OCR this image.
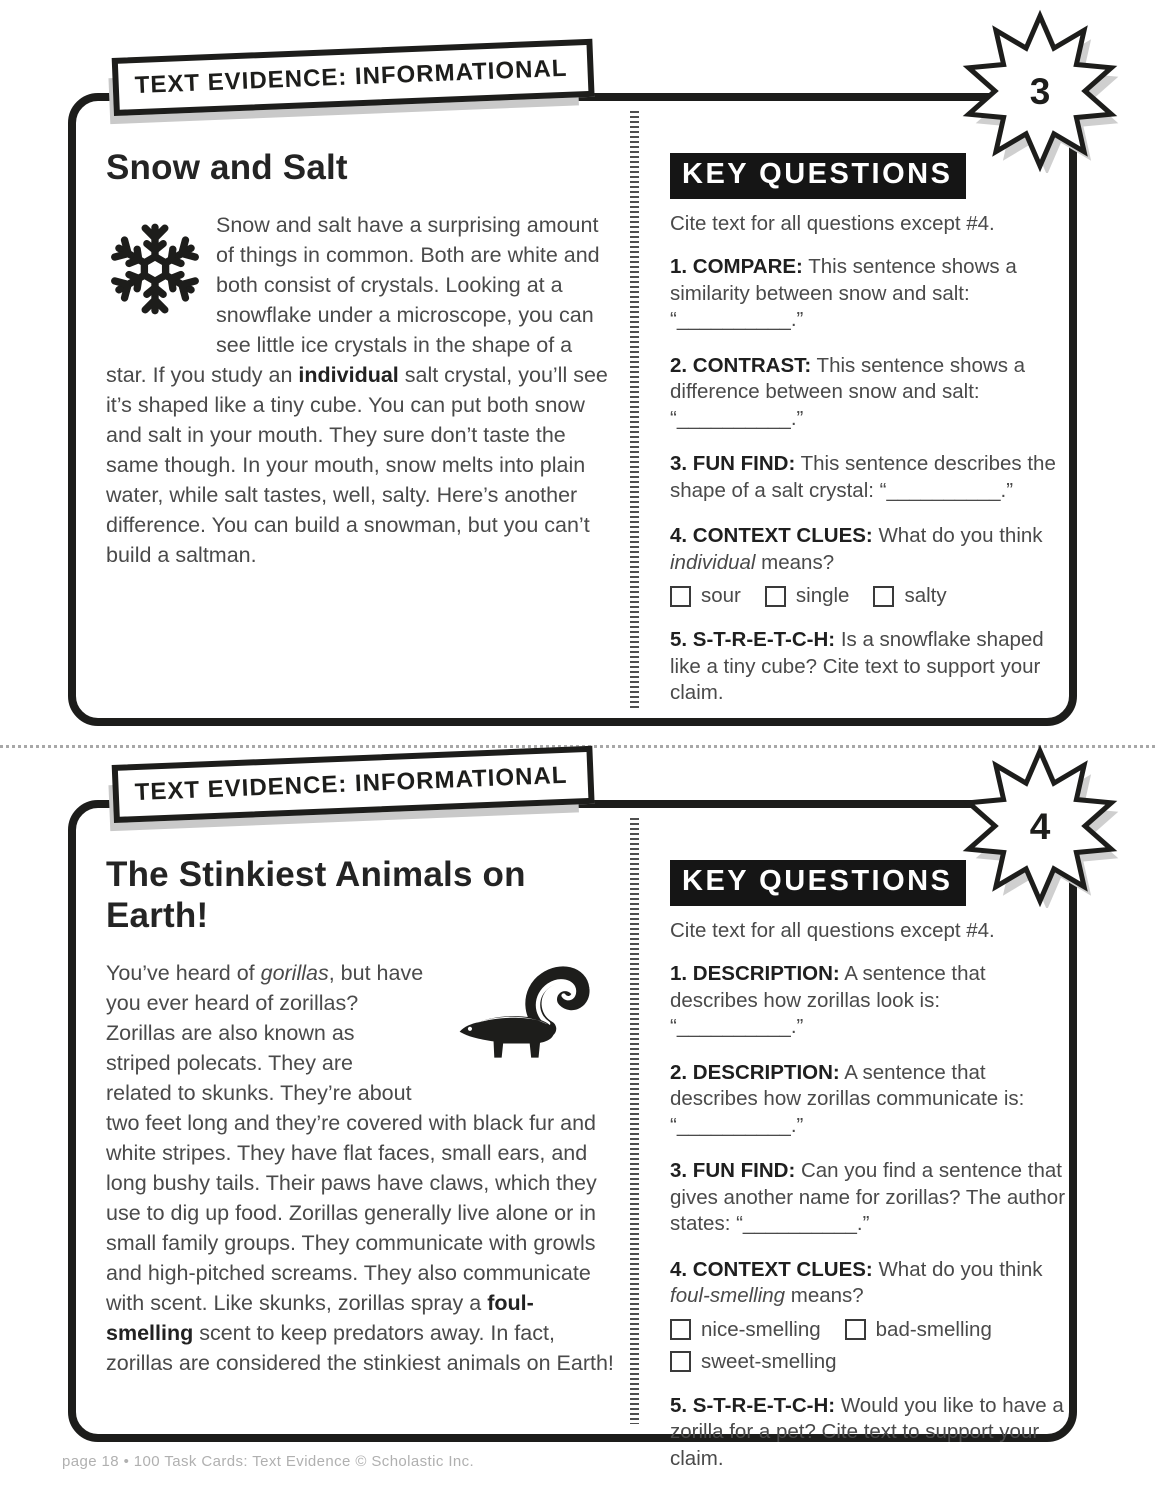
TEXT EVIDENCE: INFORMATIONAL	3
Snow and Salt

Snow and salt have a surprising amount of things in common. Both are white and both consist of crystals. Looking at a snowflake under a microscope, you can see little ice crystals in the shape of a star. If you study an individual salt crystal, you’ll see it’s shaped like a tiny cube. You can put both snow and salt in your mouth. They sure don’t taste the same though. In your mouth, snow melts into plain water, while salt tastes, well, salty. Here’s another difference. You can build a snowman, but you can’t build a saltman.

KEY QUESTIONS

Cite text for all questions except #4.

1. COMPARE: This sentence shows a similarity between snow and salt: “__________.”

2. CONTRAST: This sentence shows a difference between snow and salt: “__________.”

3. FUN FIND: This sentence describes the shape of a salt crystal: “__________.”

4. CONTEXT CLUES: What do you think individual means?

sour	single	salty

5. S-T-R-E-T-C-H: Is a snowflake shaped like a tiny cube? Cite text to support your claim.

TEXT EVIDENCE: INFORMATIONAL
4
The Stinkiest Animals on Earth!

You’ve heard of gorillas, but have you ever heard of zorillas? Zorillas are also known as striped polecats. They are related to skunks. They’re about two feet long and they’re covered with black fur and white stripes. They have flat faces, small ears, and long bushy tails. Their paws have claws, which they use to dig up food. Zorillas generally live alone or in small family groups. They communicate with growls and high-pitched screams. They also communicate with scent. Like skunks, zorillas spray a foul-smelling scent to keep predators away. In fact, zorillas are considered the stinkiest animals on Earth!

KEY QUESTIONS

Cite text for all questions except #4.

1. DESCRIPTION: A sentence that describes how zorillas look is: “__________.”

2. DESCRIPTION: A sentence that describes how zorillas communicate is: “__________.”

3. FUN FIND: Can you find a sentence that gives another name for zorillas? The author states: “__________.”

4. CONTEXT CLUES: What do you think foul-smelling means?

nice-smelling	bad-smelling
sweet-smelling

5. S-T-R-E-T-C-H: Would you like to have a zorilla for a pet? Cite text to support your claim.

page 18 • 100 Task Cards: Text Evidence © Scholastic Inc.
